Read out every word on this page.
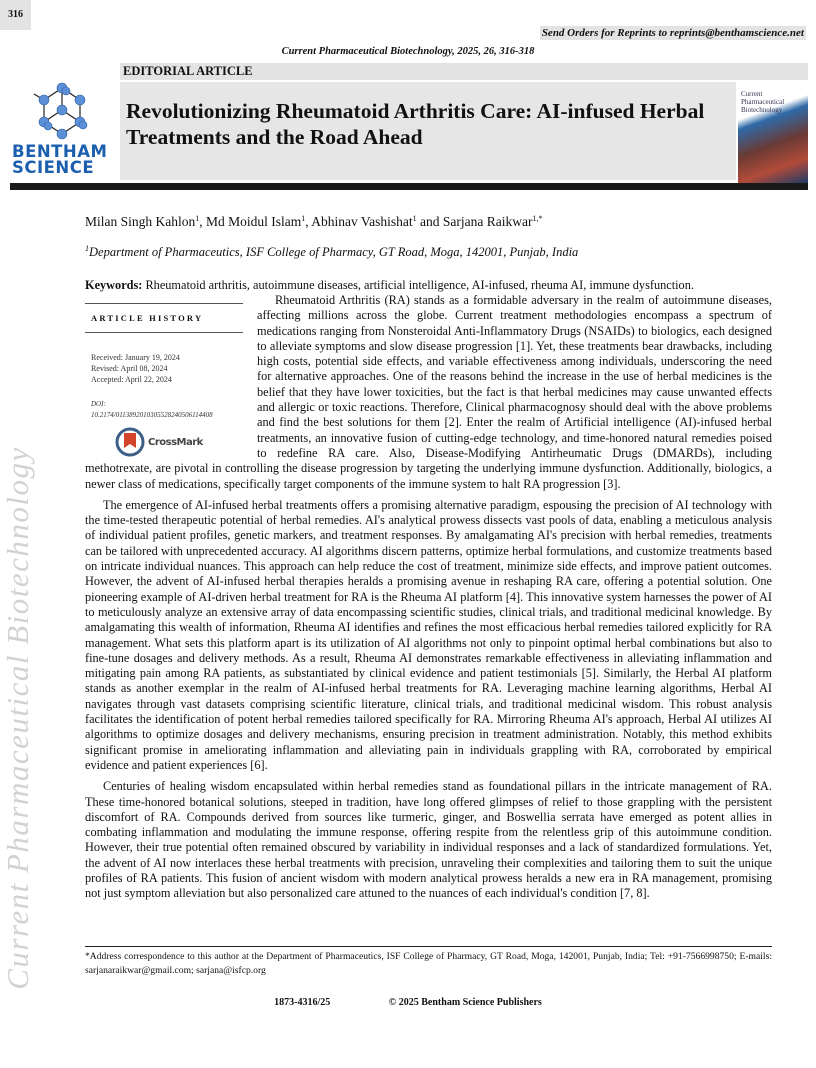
316
Send Orders for Reprints to reprints@benthamscience.net
Current Pharmaceutical Biotechnology, 2025, 26, 316-318
EDITORIAL ARTICLE
BENTHAM SCIENCE
Revolutionizing Rheumatoid Arthritis Care: AI-infused Herbal Treatments and the Road Ahead
Current Pharmaceutical Biotechnology
Milan Singh Kahlon$^1$, Md Moidul Islam$^1$, Abhinav Vashishat$^1$ and Sarjana Raikwar$^{1,*}$
$^1$Department of Pharmaceutics, ISF College of Pharmacy, GT Road, Moga, 142001, Punjab, India
Keywords: Rheumatoid arthritis, autoimmune diseases, artificial intelligence, AI-infused, rheuma AI, immune dysfunction.
ARTICLE HISTORY
Received: January 19, 2024
Revised: April 08, 2024
Accepted: April 22, 2024
DOI:
10.2174/0113892010305528240506114408
CrossMark

Rheumatoid Arthritis (RA) stands as a formidable adversary in the realm of autoimmune diseases, affecting millions across the globe. Current treatment methodologies encompass a spectrum of medications ranging from Nonsteroidal Anti-Inflammatory Drugs (NSAIDs) to biologics, each designed to alleviate symptoms and slow disease progression [1]. Yet, these treatments bear drawbacks, including high costs, potential side effects, and variable effectiveness among individuals, underscoring the need for alternative approaches. One of the reasons behind the increase in the use of herbal medicines is the belief that they have lower toxicities, but the fact is that herbal medicines may cause unwanted effects and allergic or toxic reactions. Therefore, Clinical pharmacognosy should deal with the above problems and find the best solutions for them [2]. Enter the realm of Artificial intelligence (AI)-infused herbal treatments, an innovative fusion of cutting-edge technology, and time-honored natural remedies poised to redefine RA care. Also, Disease-Modifying Antirheumatic Drugs (DMARDs), including methotrexate, are pivotal in controlling the disease progression by targeting the underlying immune dysfunction. Additionally, biologics, a newer class of medications, specifically target components of the immune system to halt RA progression [3].

The emergence of AI-infused herbal treatments offers a promising alternative paradigm, espousing the precision of AI technology with the time-tested therapeutic potential of herbal remedies. AI's analytical prowess dissects vast pools of data, enabling a meticulous analysis of individual patient profiles, genetic markers, and treatment responses. By amalgamating AI's precision with herbal remedies, treatments can be tailored with unprecedented accuracy. AI algorithms discern patterns, optimize herbal formulations, and customize treatments based on intricate individual nuances. This approach can help reduce the cost of treatment, minimize side effects, and improve patient outcomes. However, the advent of AI-infused herbal therapies heralds a promising avenue in reshaping RA care, offering a potential solution. One pioneering example of AI-driven herbal treatment for RA is the Rheuma AI platform [4]. This innovative system harnesses the power of AI to meticulously analyze an extensive array of data encompassing scientific studies, clinical trials, and traditional medicinal knowledge. By amalgamating this wealth of information, Rheuma AI identifies and refines the most efficacious herbal remedies tailored explicitly for RA management. What sets this platform apart is its utilization of AI algorithms not only to pinpoint optimal herbal combinations but also to fine-tune dosages and delivery methods. As a result, Rheuma AI demonstrates remarkable effectiveness in alleviating inflammation and mitigating pain among RA patients, as substantiated by clinical evidence and patient testimonials [5]. Similarly, the Herbal AI platform stands as another exemplar in the realm of AI-infused herbal treatments for RA. Leveraging machine learning algorithms, Herbal AI navigates through vast datasets comprising scientific literature, clinical trials, and traditional medicinal wisdom. This robust analysis facilitates the identification of potent herbal remedies tailored specifically for RA. Mirroring Rheuma AI's approach, Herbal AI utilizes AI algorithms to optimize dosages and delivery mechanisms, ensuring precision in treatment administration. Notably, this method exhibits significant promise in ameliorating inflammation and alleviating pain in individuals grappling with RA, corroborated by empirical evidence and patient experiences [6].

Centuries of healing wisdom encapsulated within herbal remedies stand as foundational pillars in the intricate management of RA. These time-honored botanical solutions, steeped in tradition, have long offered glimpses of relief to those grappling with the persistent discomfort of RA. Compounds derived from sources like turmeric, ginger, and Boswellia serrata have emerged as potent allies in combating inflammation and modulating the immune response, offering respite from the relentless grip of this autoimmune condition. However, their true potential often remained obscured by variability in individual responses and a lack of standardized formulations. Yet, the advent of AI now interlaces these herbal treatments with precision, unraveling their complexities and tailoring them to suit the unique profiles of RA patients. This fusion of ancient wisdom with modern analytical prowess heralds a new era in RA management, promising not just symptom alleviation but also personalized care attuned to the nuances of each individual's condition [7, 8].

*Address correspondence to this author at the Department of Pharmaceutics, ISF College of Pharmacy, GT Road, Moga, 142001, Punjab, India; Tel: +91-7566998750; E-mails: sarjanaraikwar@gmail.com; sarjana@isfcp.org
1873-4316/25	© 2025 Bentham Science Publishers
Current Pharmaceutical Biotechnology
